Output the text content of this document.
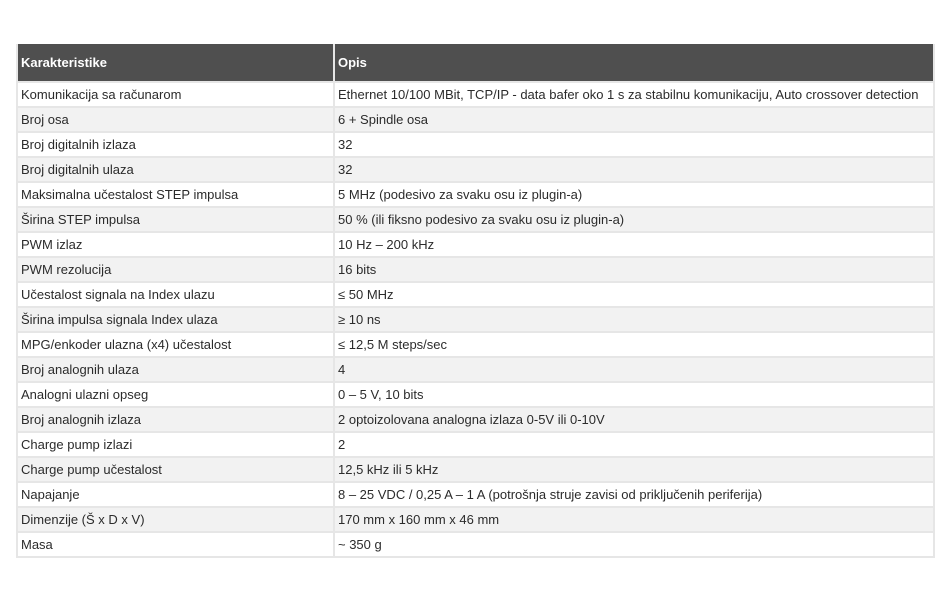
Karakteristike	Opis
Komunikacija sa računarom	Ethernet 10/100 MBit, TCP/IP - data bafer oko 1 s za stabilnu komunikaciju, Auto crossover detection
Broj osa	6 + Spindle osa
Broj digitalnih izlaza	32
Broj digitalnih ulaza	32
Maksimalna učestalost STEP impulsa	5 MHz (podesivo za svaku osu iz plugin-a)
Širina STEP impulsa	50 % (ili fiksno podesivo za svaku osu iz plugin-a)
PWM izlaz	10 Hz – 200 kHz
PWM rezolucija	16 bits
Učestalost signala na Index ulazu	≤ 50 MHz
Širina impulsa signala Index ulaza	≥ 10 ns
MPG/enkoder ulazna (x4) učestalost	≤ 12,5 M steps/sec
Broj analognih ulaza	4
Analogni ulazni opseg	0 – 5 V, 10 bits
Broj analognih izlaza	2 optoizolovana analogna izlaza 0-5V ili 0-10V
Charge pump izlazi	2
Charge pump učestalost	12,5 kHz ili 5 kHz
Napajanje	8 – 25 VDC / 0,25 A – 1 A (potrošnja struje zavisi od priključenih periferija)
Dimenzije (Š x D x V)	170 mm x 160 mm x 46 mm
Masa	~ 350 g
